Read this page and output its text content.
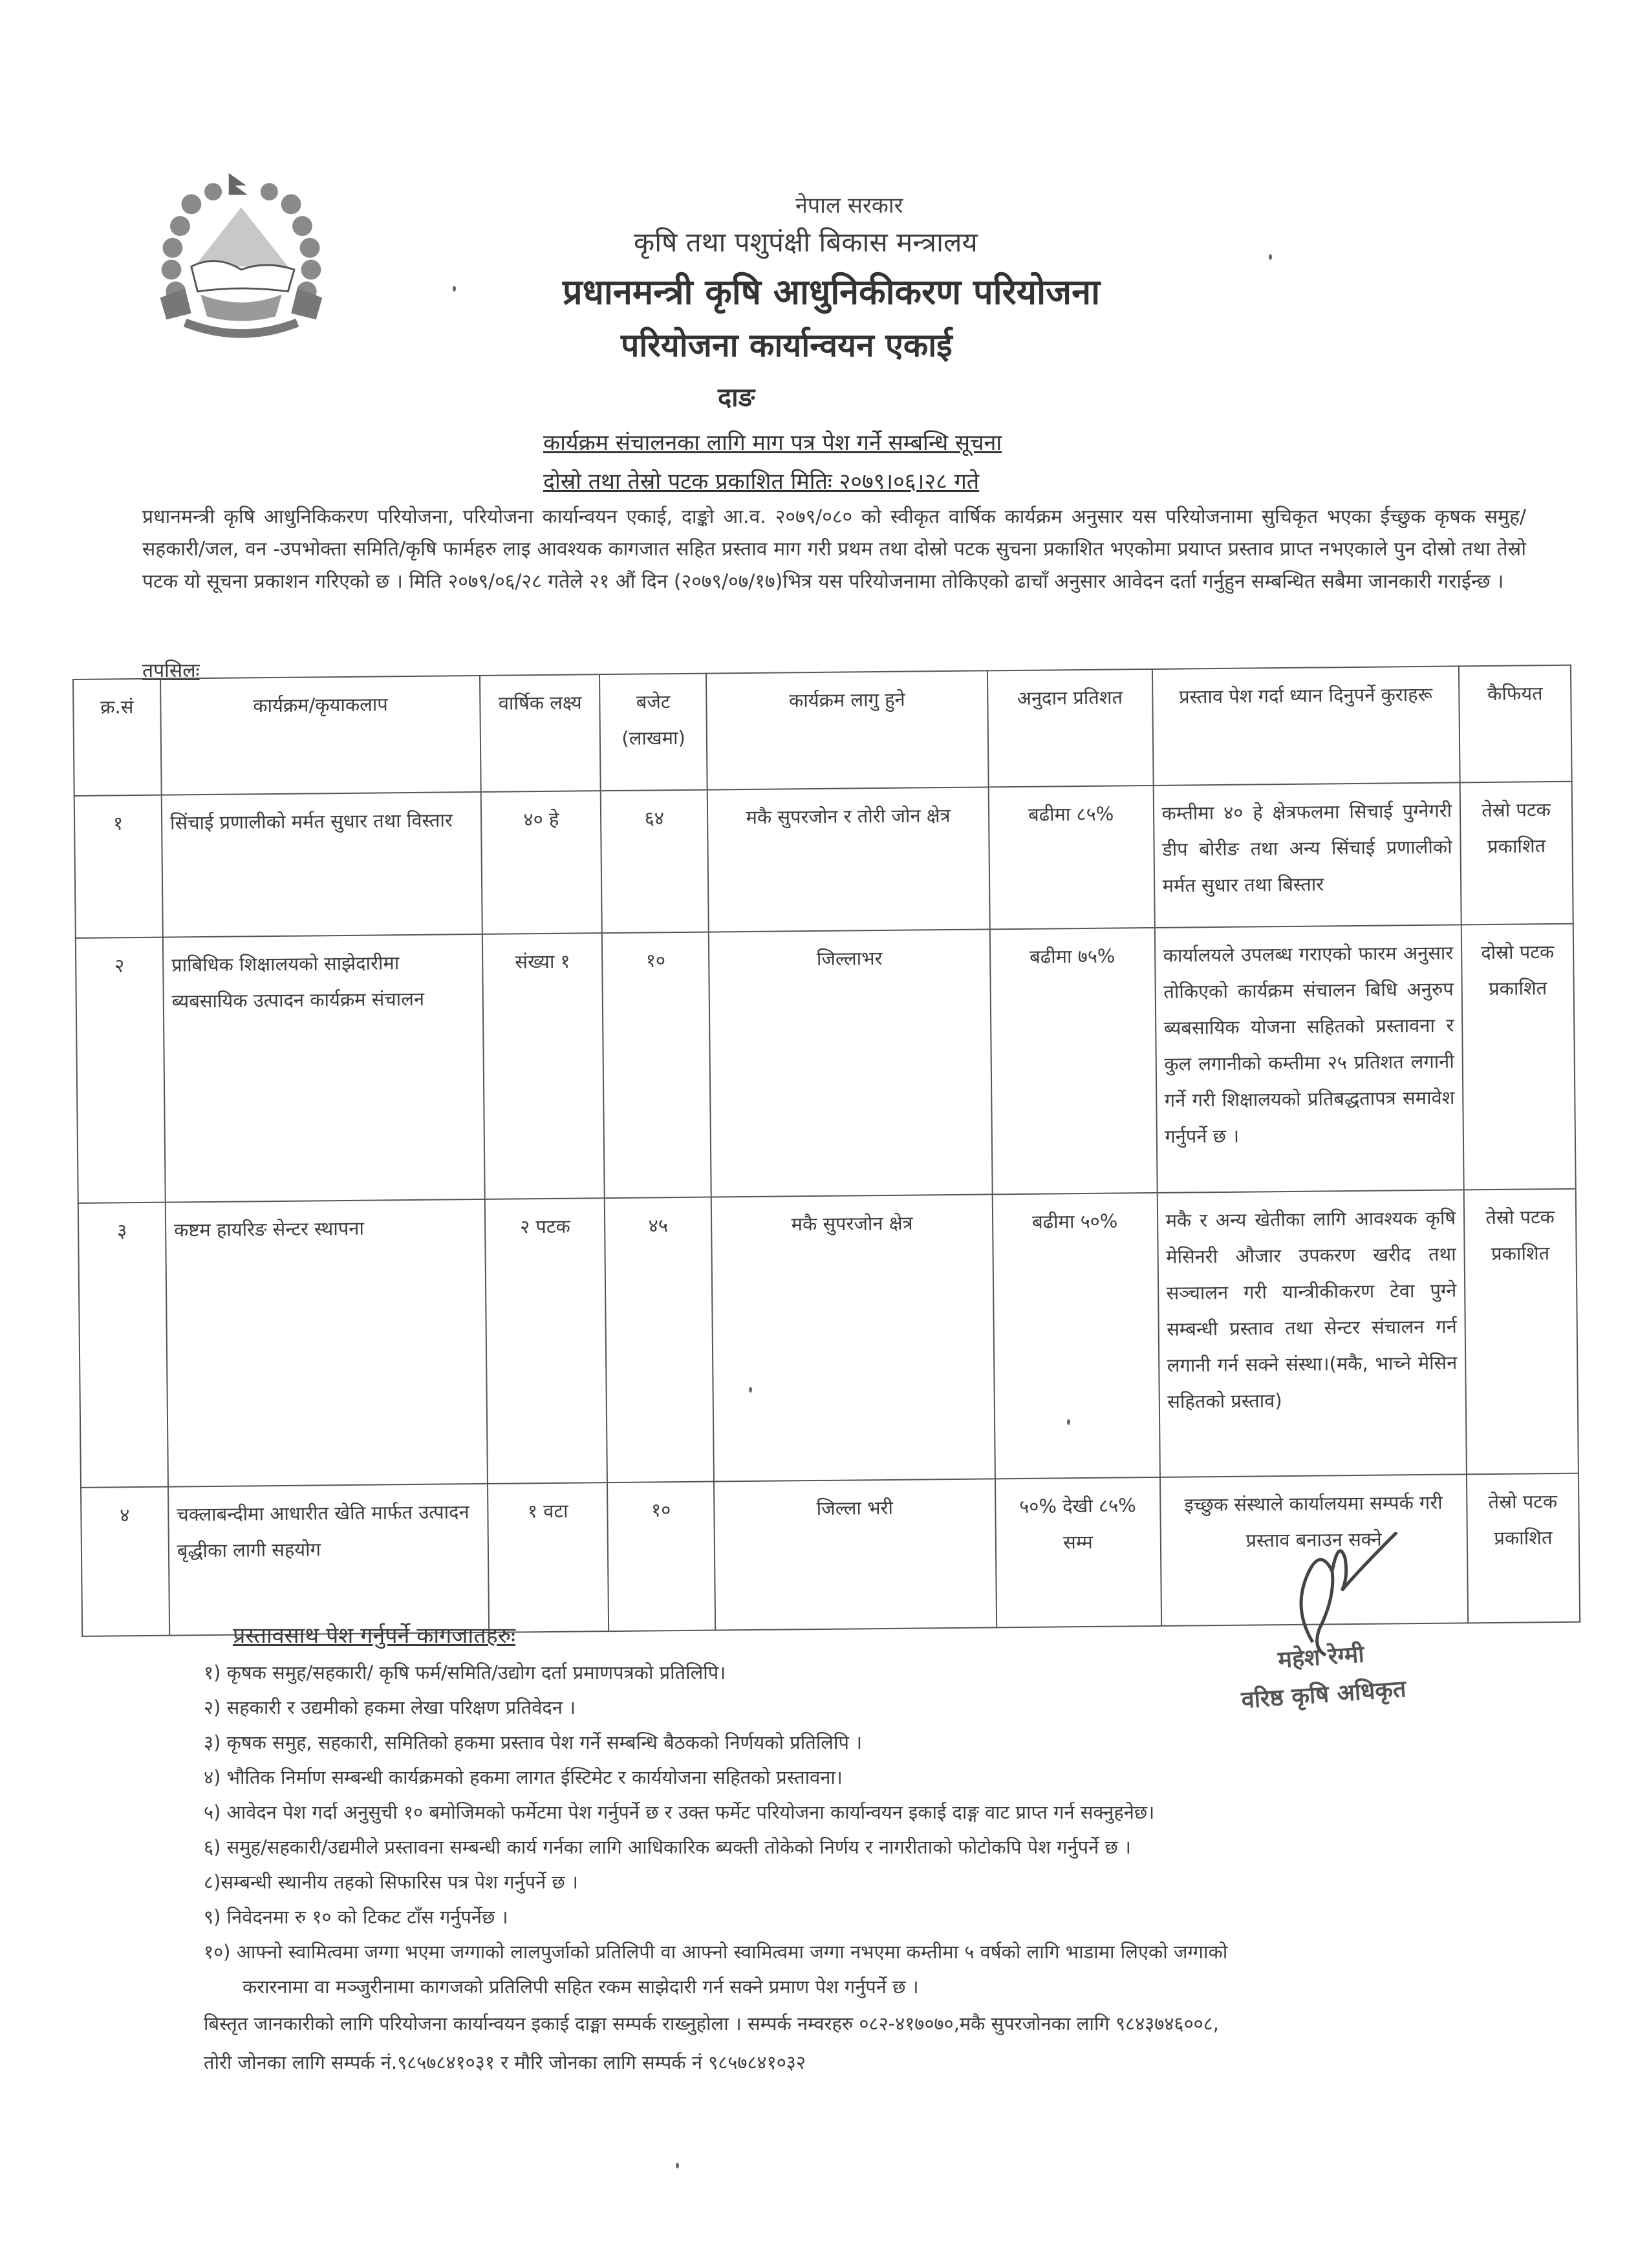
नेपाल सरकार
कृषि तथा पशुपंक्षी बिकास मन्त्रालय
प्रधानमन्त्री कृषि आधुनिकीकरण परियोजना
परियोजना कार्यान्वयन एकाई
दाङ
कार्यक्रम संचालनका लागि माग पत्र पेश गर्ने सम्बन्धि सूचना
दोस्रो तथा तेस्रो पटक प्रकाशित मितिः २०७९।०६।२८ गते
प्रधानमन्त्री कृषि आधुनिकिकरण परियोजना, परियोजना कार्यान्वयन एकाई, दाङ्को आ.व. २०७९/०८० को स्वीकृत वार्षिक कार्यक्रम अनुसार यस परियोजनामा सुचिकृत भएका ईच्छुक कृषक समुह/सहकारी/जल, वन -उपभोक्ता समिति/कृषि फार्महरु लाइ आवश्यक कागजात सहित प्रस्ताव माग गरी प्रथम तथा दोस्रो पटक सुचना प्रकाशित भएकोमा प्रयाप्त प्रस्ताव प्राप्त नभएकाले पुन दोस्रो तथा तेस्रो पटक यो सूचना प्रकाशन गरिएको छ । मिति २०७९/०६/२८ गतेले २१ औं दिन (२०७९/०७/१७)भित्र यस परियोजनामा तोकिएको ढाचाँ अनुसार आवेदन दर्ता गर्नुहुन सम्बन्धित सबैमा जानकारी गराईन्छ ।
तपसिलः
क्र.सं	कार्यक्रम/कृयाकलाप	वार्षिक लक्ष्य	बजेट (लाखमा)	कार्यक्रम लागु हुने	अनुदान प्रतिशत	प्रस्ताव पेश गर्दा ध्यान दिनुपर्ने कुराहरू	कैफियत
१	सिंचाई प्रणालीको मर्मत सुधार तथा विस्तार	४० हे	६४	मकै सुपरजोन र तोरी जोन क्षेत्र	बढीमा ८५%	कम्तीमा ४० हे क्षेत्रफलमा सिचाई पुग्नेगरी डीप बोरीङ तथा अन्य सिंचाई प्रणालीको मर्मत सुधार तथा बिस्तार	तेस्रो पटक प्रकाशित
२	प्राबिधिक शिक्षालयको साझेदारीमा ब्यबसायिक उत्पादन कार्यक्रम संचालन	संख्या १	१०	जिल्लाभर	बढीमा ७५%	कार्यालयले उपलब्ध गराएको फारम अनुसार तोकिएको कार्यक्रम संचालन बिधि अनुरुप ब्यबसायिक योजना सहितको प्रस्तावना र कुल लगानीको कम्तीमा २५ प्रतिशत लगानी गर्ने गरी शिक्षालयको प्रतिबद्धतापत्र समावेश गर्नुपर्ने छ ।	दोस्रो पटक प्रकाशित
३	कष्टम हायरिङ सेन्टर स्थापना	२ पटक	४५	मकै सुपरजोन क्षेत्र	बढीमा ५०%	मकै र अन्य खेतीका लागि आवश्यक कृषि मेसिनरी औजार उपकरण खरीद तथा सञ्चालन गरी यान्त्रीकीकरण टेवा पुग्ने सम्बन्धी प्रस्ताव तथा सेन्टर संचालन गर्न लगानी गर्न सक्ने संस्था।(मकै, भाच्ने मेसिन सहितको प्रस्ताव)	तेस्रो पटक प्रकाशित
४	चक्लाबन्दीमा आधारीत खेति मार्फत उत्पादन बृद्धीका लागी सहयोग	१ वटा	१०	जिल्ला भरी	५०% देखी ८५% सम्म	इच्छुक संस्थाले कार्यालयमा सम्पर्क गरी प्रस्ताव बनाउन सक्ने	तेस्रो पटक प्रकाशित
महेश रेग्मी
वरिष्ठ कृषि अधिकृत
प्रस्तावसाथ पेश गर्नुपर्ने कागजातहरुः
१) कृषक समुह/सहकारी/ कृषि फर्म/समिति/उद्योग दर्ता प्रमाणपत्रको प्रतिलिपि।
२) सहकारी र उद्यमीको हकमा लेखा परिक्षण प्रतिवेदन ।
३) कृषक समुह, सहकारी, समितिको हकमा प्रस्ताव पेश गर्ने सम्बन्धि बैठकको निर्णयको प्रतिलिपि ।
४) भौतिक निर्माण सम्बन्धी कार्यक्रमको हकमा लागत ईस्टिमेट र कार्ययोजना सहितको प्रस्तावना।
५) आवेदन पेश गर्दा अनुसुची १० बमोजिमको फर्मेटमा पेश गर्नुपर्ने छ र उक्त फर्मेट परियोजना कार्यान्वयन इकाई दाङ्ग वाट प्राप्त गर्न सक्नुहनेछ।
६) समुह/सहकारी/उद्यमीले प्रस्तावना सम्बन्धी कार्य गर्नका लागि आधिकारिक ब्यक्ती तोकेको निर्णय र नागरीताको फोटोकपि पेश गर्नुपर्ने छ ।
८)सम्बन्धी स्थानीय तहको सिफारिस पत्र पेश गर्नुपर्ने छ ।
९) निवेदनमा रु १० को टिकट टाँस गर्नुपर्नेछ ।
१०) आफ्नो स्वामित्वमा जग्गा भएमा जग्गाको लालपुर्जाको प्रतिलिपी वा आफ्नो स्वामित्वमा जग्गा नभएमा कम्तीमा ५ वर्षको लागि भाडामा लिएको जग्गाको
करारनामा वा मञ्जुरीनामा कागजको प्रतिलिपी सहित रकम साझेदारी गर्न सक्ने प्रमाण पेश गर्नुपर्ने छ ।
बिस्तृत जानकारीको लागि परियोजना कार्यान्वयन इकाई दाङ्मा सम्पर्क राख्नुहोला । सम्पर्क नम्वरहरु ०८२-४१७०७०,मकै सुपरजोनका लागि ९८४३७४६००८,
तोरी जोनका लागि सम्पर्क नं.९८५७८४१०३१ र मौरि जोनका लागि सम्पर्क नं ९८५७८४१०३२
